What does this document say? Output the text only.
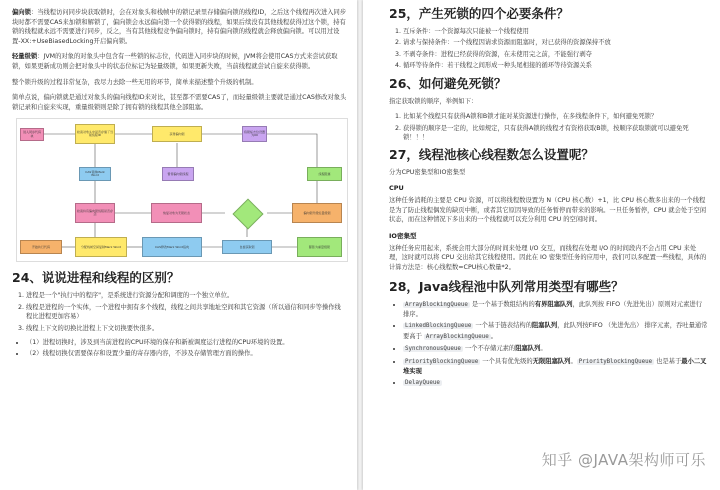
偏向锁：当线程访问同步块获取锁时，会在对象头和栈帧中的锁记录里存储偏向锁的线程ID，之后这个线程再次进入同步块时都不需要CAS来加锁和解锁了，偏向锁会永远偏向第一个获得锁的线程，如果后续没有其他线程获得过这个锁，持有锁的线程就永远不需要进行同步，反之，当有其他线程竞争偏向锁时，持有偏向锁的线程就会释放偏向锁。可以用过设置-XX:+UseBiasedLocking开启偏向锁。

轻量级锁：JVM的对象的对象头中包含有一些锁的标志位，代码进入同步块的时候，JVM将会使用CAS方式来尝试获取锁，如果更新成功则会把对象头中的状态位标记为轻量级锁，如果更新失败，当前线程就尝试自旋来获得锁。

整个锁升级的过程非常复杂，我尽力去除一些无用的环节，简单来描述整个升级的机制。

简单点说，偏向锁就是通过对象头的偏向线程ID来对比，甚至都不需要CAS了，而轻量级锁主要就是通过CAS修改对象头锁记录和自旋来实现，重量级锁则是除了拥有锁的线程其他全部阻塞。

进入同步代码块
检查对象头中是否存储了当前线程ID	获得偏向锁
CAS替换Mark Word	暂停偏向锁线程
将锁标志位设置为00
检查持有偏向锁线程是否存活	恢复对象为无锁状态	偏向锁升级轻量级锁
开始执行代码	分配栈帧空间复制Mark Word	CAS修改Mark Word指向	自旋获取锁	膨胀为重量级锁
线程阻塞
24、说说进程和线程的区别？
1. 进程是一个"执行中的程序"，是系统进行资源分配和调度的一个独立单位。
2. 线程是进程的一个实体，一个进程中拥有多个线程，线程之间共享地址空间和其它资源（所以通信和同步等操作线程比进程更加容易）
3. 线程上下文的切换比进程上下文切换要快很多。
• （1）进程切换时，涉及到当前进程的CPU环境的保存和新被调度运行进程的CPU环境的设置。
• （2）线程切换仅需要保存和设置少量的寄存器内容，不涉及存储管理方面的操作。
25，产生死锁的四个必要条件？
1. 互斥条件：一个资源每次只能被一个线程使用
2. 请求与保持条件：一个线程因请求资源而阻塞时，对已获得的资源保持不放
3. 不剥夺条件：进程已经获得的资源，在未使用完之前，不能强行剥夺
4. 循环等待条件：若干线程之间形成一种头尾相接的循环等待资源关系
26、如何避免死锁？

指定获取锁的顺序，举例如下：

1. 比如某个线程只有获得A锁和B锁才能对某资源进行操作，在多线程条件下，如何避免死锁？
2. 获得锁的顺序是一定的，比如规定，只有获得A锁的线程才有资格获取B锁，按顺序获取锁就可以避免死锁！！！
27，线程池核心线程数怎么设置呢？

分为CPU密集型和IO密集型

CPU

这种任务消耗的主要是 CPU 资源，可以将线程数设置为 N（CPU 核心数）+1，比 CPU 核心数多出来的一个线程是为了防止线程偶发的缺页中断，或者其它原因导致的任务暂停而带来的影响。一旦任务暂停，CPU 就会处于空闲状态，而在这种情况下多出来的一个线程就可以充分利用 CPU 的空闲时间。

IO密集型

这种任务应用起来，系统会用大部分的时间来处理 I/O 交互，而线程在处理 I/O 的时间段内不会占用 CPU 来处理，这时就可以将 CPU 交出给其它线程使用。因此在 IO 密集型任务的应用中，我们可以多配置一些线程，具体的计算方法是：核心线程数=CPU核心数量*2。

28，Java线程池中队列常用类型有哪些？
• ArrayBlockingQueue 是一个基于数组结构的有界阻塞队列，此队列按 FIFO（先进先出）原则对元素进行排序。
• LinkedBlockingQueue 一个基于链表结构的阻塞队列，此队列按FIFO （先进先出） 排序元素，吞吐量通常要高于 ArrayBlockingQueue 。
• SynchronousQueue 一个不存储元素的阻塞队列。
• PriorityBlockingQueue 一个具有优先级的无限阻塞队列。 PriorityBlockingQueue 也是基于最小二叉堆实现
• DelayQueue
知乎 @JAVA架构师可乐
